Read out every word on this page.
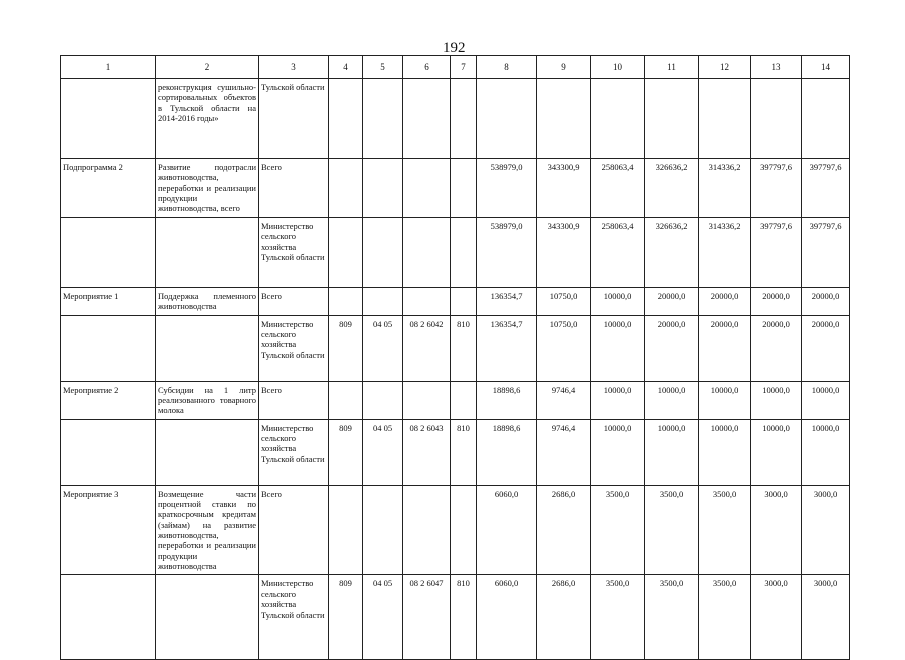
192
1	2	3	4	5	6	7	8	9	10	11	12	13	14
	реконструкция сушильно-сортировальных объектов в Тульской области на 2014-2016 годы»	Тульской области											
Подпрограмма 2	Развитие подотрасли животноводства, переработки и реализации продукции животноводства, всего	Всего					538979,0	343300,9	258063,4	326636,2	314336,2	397797,6	397797,6
		Министерство сельского хозяйства Тульской области					538979,0	343300,9	258063,4	326636,2	314336,2	397797,6	397797,6
Мероприятие 1	Поддержка племенного животноводства	Всего					136354,7	10750,0	10000,0	20000,0	20000,0	20000,0	20000,0
		Министерство сельского хозяйства Тульской области	809	04 05	08 2 6042	810	136354,7	10750,0	10000,0	20000,0	20000,0	20000,0	20000,0
Мероприятие 2	Субсидии на 1 литр реализованного товарного молока	Всего					18898,6	9746,4	10000,0	10000,0	10000,0	10000,0	10000,0
		Министерство сельского хозяйства Тульской области	809	04 05	08 2 6043	810	18898,6	9746,4	10000,0	10000,0	10000,0	10000,0	10000,0
Мероприятие 3	Возмещение части процентной ставки по краткосрочным кредитам (займам) на развитие животноводства, переработки и реализации продукции животноводства	Всего					6060,0	2686,0	3500,0	3500,0	3500,0	3000,0	3000,0
		Министерство сельского хозяйства Тульской области	809	04 05	08 2 6047	810	6060,0	2686,0	3500,0	3500,0	3500,0	3000,0	3000,0
